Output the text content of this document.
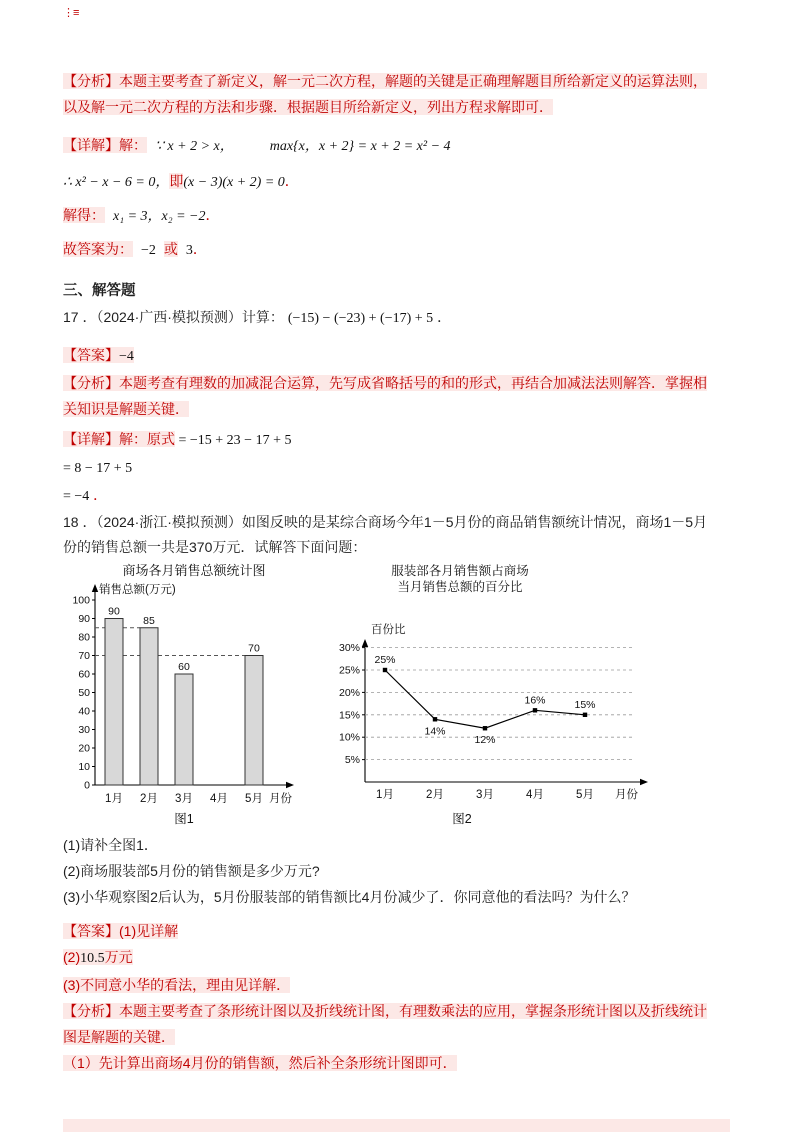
⋮≡
【分析】本题主要考查了新定义，解一元二次方程，解题的关键是正确理解题目所给新定义的运算法则，
以及解一元二次方程的方法和步骤．根据题目所给新定义，列出方程求解即可．
【详解】解： ∵ x + 2 > x，	max{x，x + 2} = x + 2 = x² − 4
∴ x² − x − 6 = 0，即(x − 3)(x + 2) = 0．
解得： x₁ = 3，x₂ = −2．
故答案为： −2 或 3．
三、解答题
17 ．（2024·广西·模拟预测）计算： (−15) − (−23) + (−17) + 5 ．
【答案】−4
【分析】本题考查有理数的加减混合运算，先写成省略括号的和的形式，再结合加减法法则解答．掌握相
关知识是解题关键．
【详解】解：原式 = −15 + 23 − 17 + 5
= 8 − 17 + 5
= −4 ．
18 ．（2024·浙江·模拟预测）如图反映的是某综合商场今年1－5月份的商品销售额统计情况，商场1－5月
份的销售总额一共是370万元．试解答下面问题：
商场各月销售总额统计图
销售总额(万元)
0
10
20
30
40
50
60
70
80
90
100
1月
90
2月
85
3月
60
4月 5月
70
月份
图1
服装部各月销售额占商场
当月销售总额的百分比
百份比
5%
10%
15%
20%
25%
30%
25%
1月
14%
2月
12%
3月
16%
4月
15%
5月 月份
图2
(1)请补全图1．
(2)商场服装部5月份的销售额是多少万元?
(3)小华观察图2后认为，5月份服装部的销售额比4月份减少了．你同意他的看法吗？为什么？
【答案】(1)见详解
(2)10.5万元
(3)不同意小华的看法，理由见详解．
【分析】本题主要考查了条形统计图以及折线统计图，有理数乘法的应用，掌握条形统计图以及折线统计
图是解题的关键．
（1）先计算出商场4月份的销售额，然后补全条形统计图即可．
